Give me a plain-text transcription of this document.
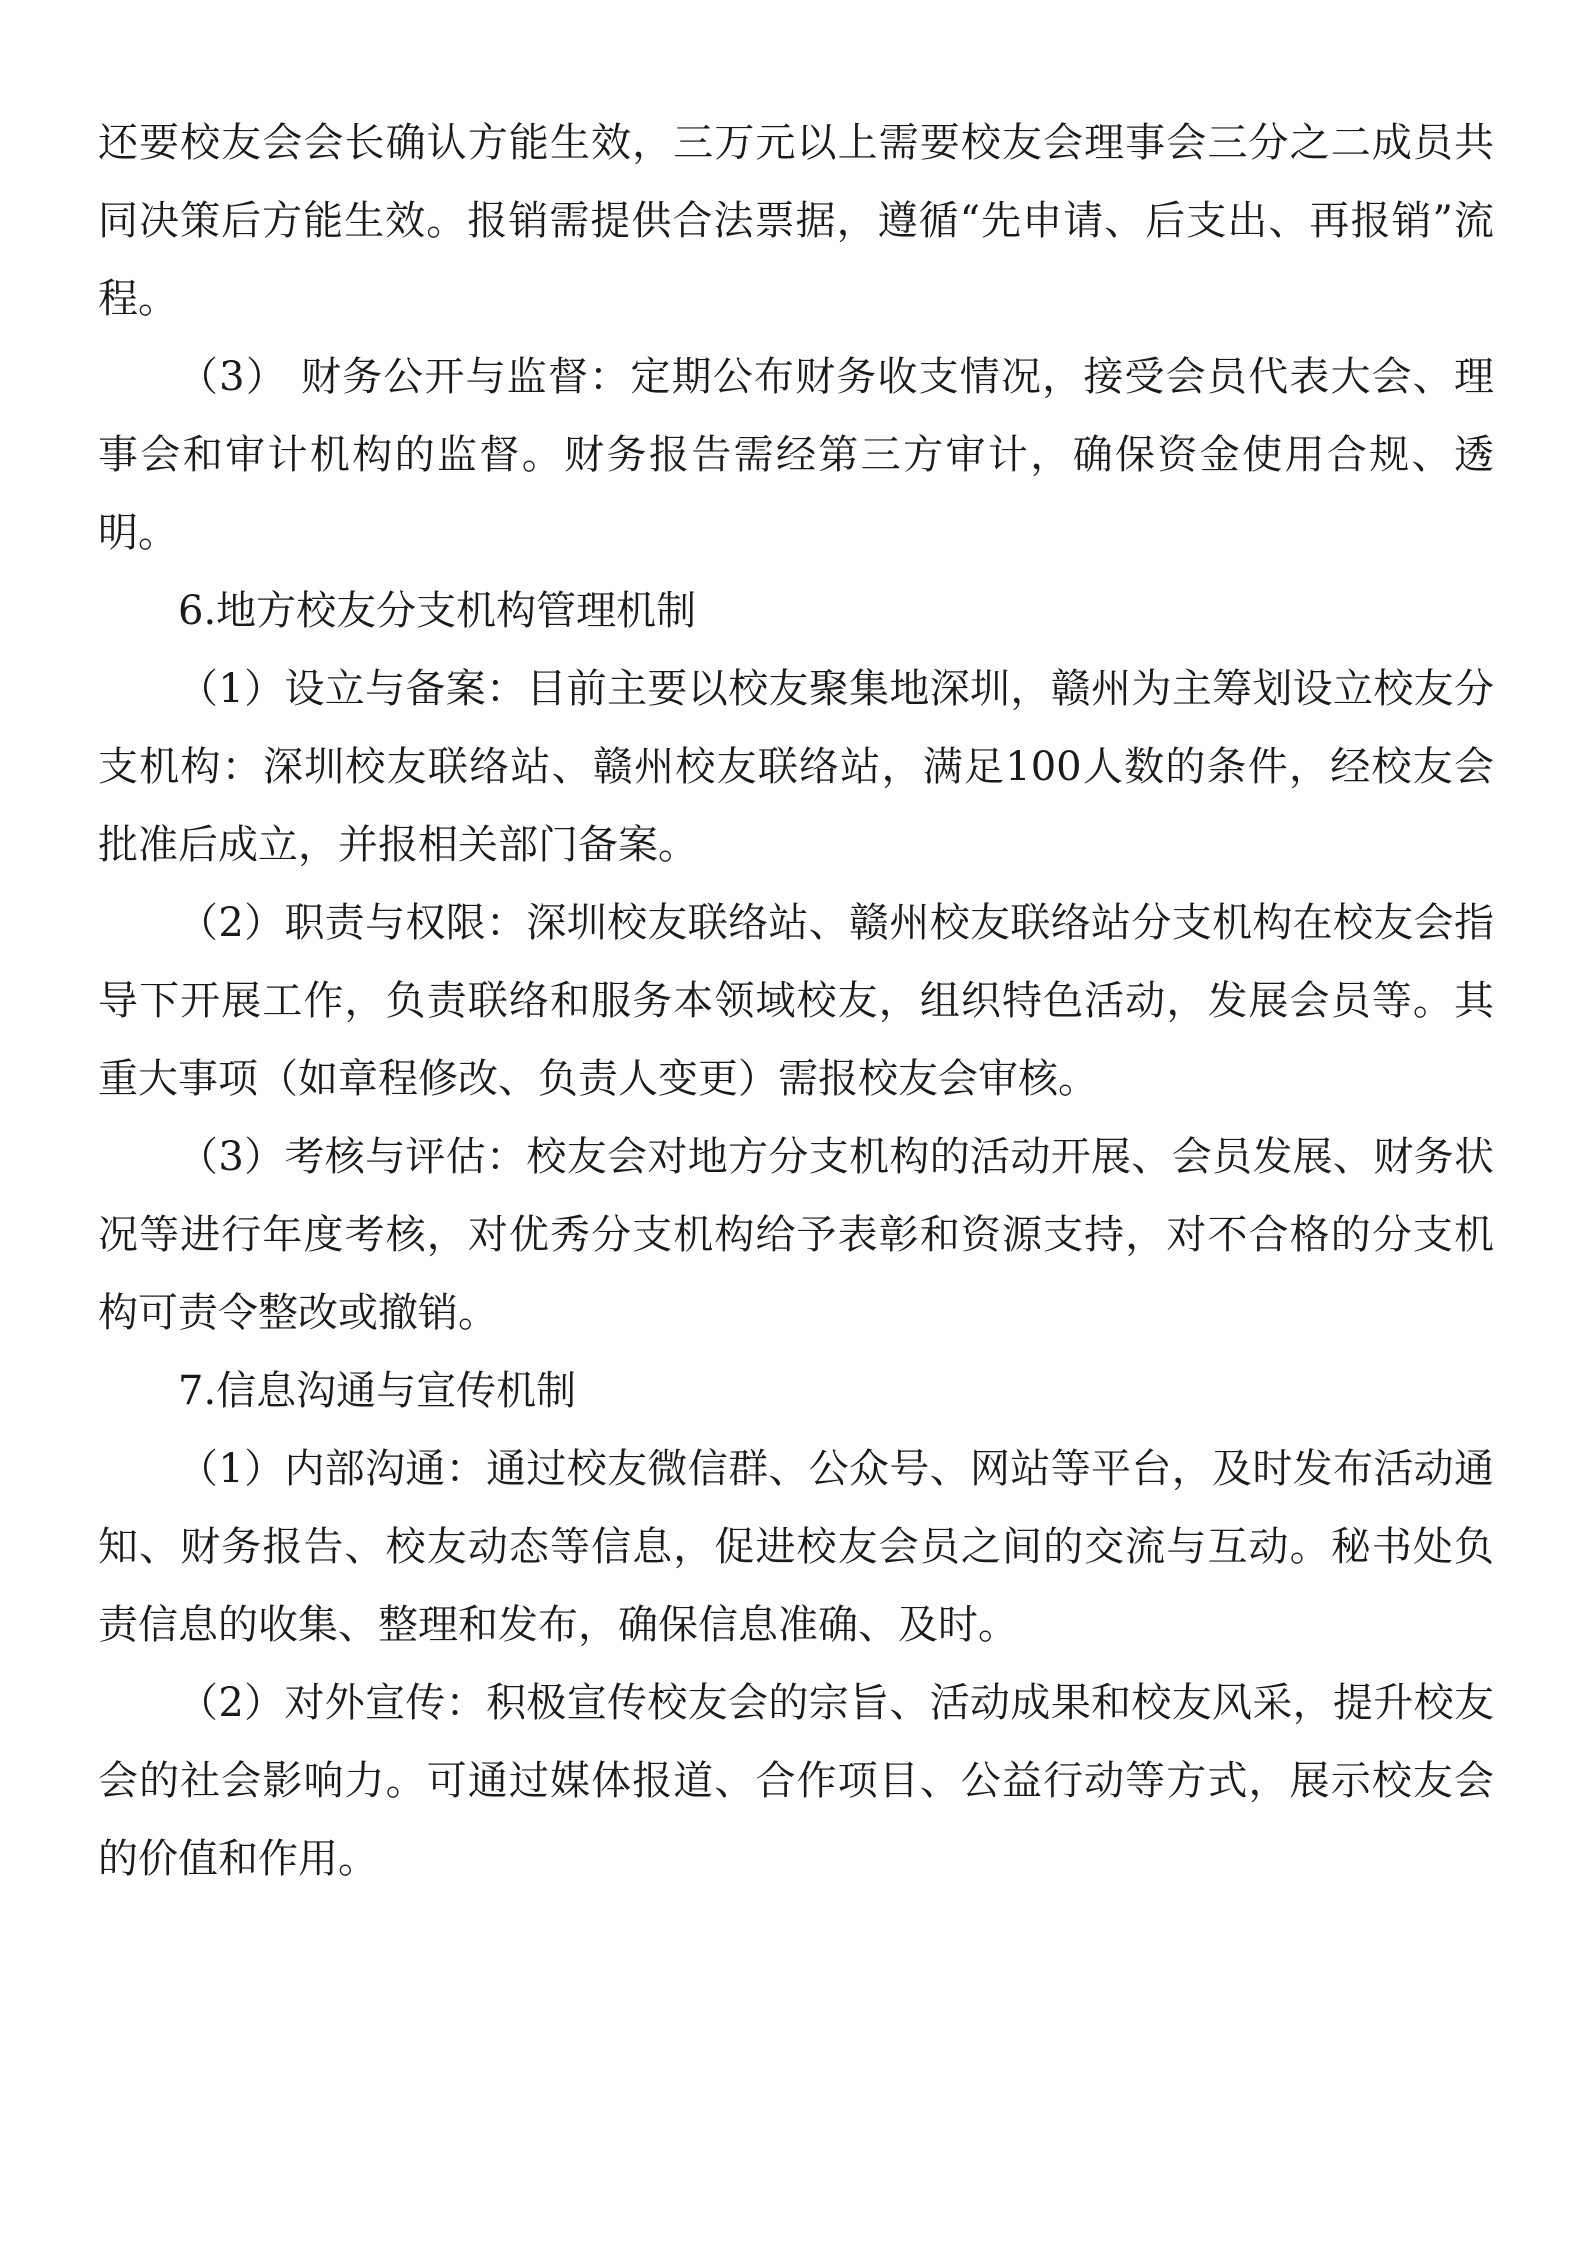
还要校友会会长确认方能生效，三万元以上需要校友会理事会三分之二成员共同决策后方能生效。报销需提供合法票据，遵循“先申请、后支出、再报销”流程。

（3） 财务公开与监督：定期公布财务收支情况，接受会员代表大会、理事会和审计机构的监督。财务报告需经第三方审计，确保资金使用合规、透明。

6.地方校友分支机构管理机制

（1）设立与备案：目前主要以校友聚集地深圳，赣州为主筹划设立校友分支机构：深圳校友联络站、赣州校友联络站，满足100人数的条件，经校友会批准后成立，并报相关部门备案。

（2）职责与权限：深圳校友联络站、赣州校友联络站分支机构在校友会指导下开展工作，负责联络和服务本领域校友，组织特色活动，发展会员等。其重大事项（如章程修改、负责人变更）需报校友会审核。

（3）考核与评估：校友会对地方分支机构的活动开展、会员发展、财务状况等进行年度考核，对优秀分支机构给予表彰和资源支持，对不合格的分支机构可责令整改或撤销。

7.信息沟通与宣传机制

（1）内部沟通：通过校友微信群、公众号、网站等平台，及时发布活动通知、财务报告、校友动态等信息，促进校友会员之间的交流与互动。秘书处负责信息的收集、整理和发布，确保信息准确、及时。

（2）对外宣传：积极宣传校友会的宗旨、活动成果和校友风采，提升校友会的社会影响力。可通过媒体报道、合作项目、公益行动等方式，展示校友会的价值和作用。
